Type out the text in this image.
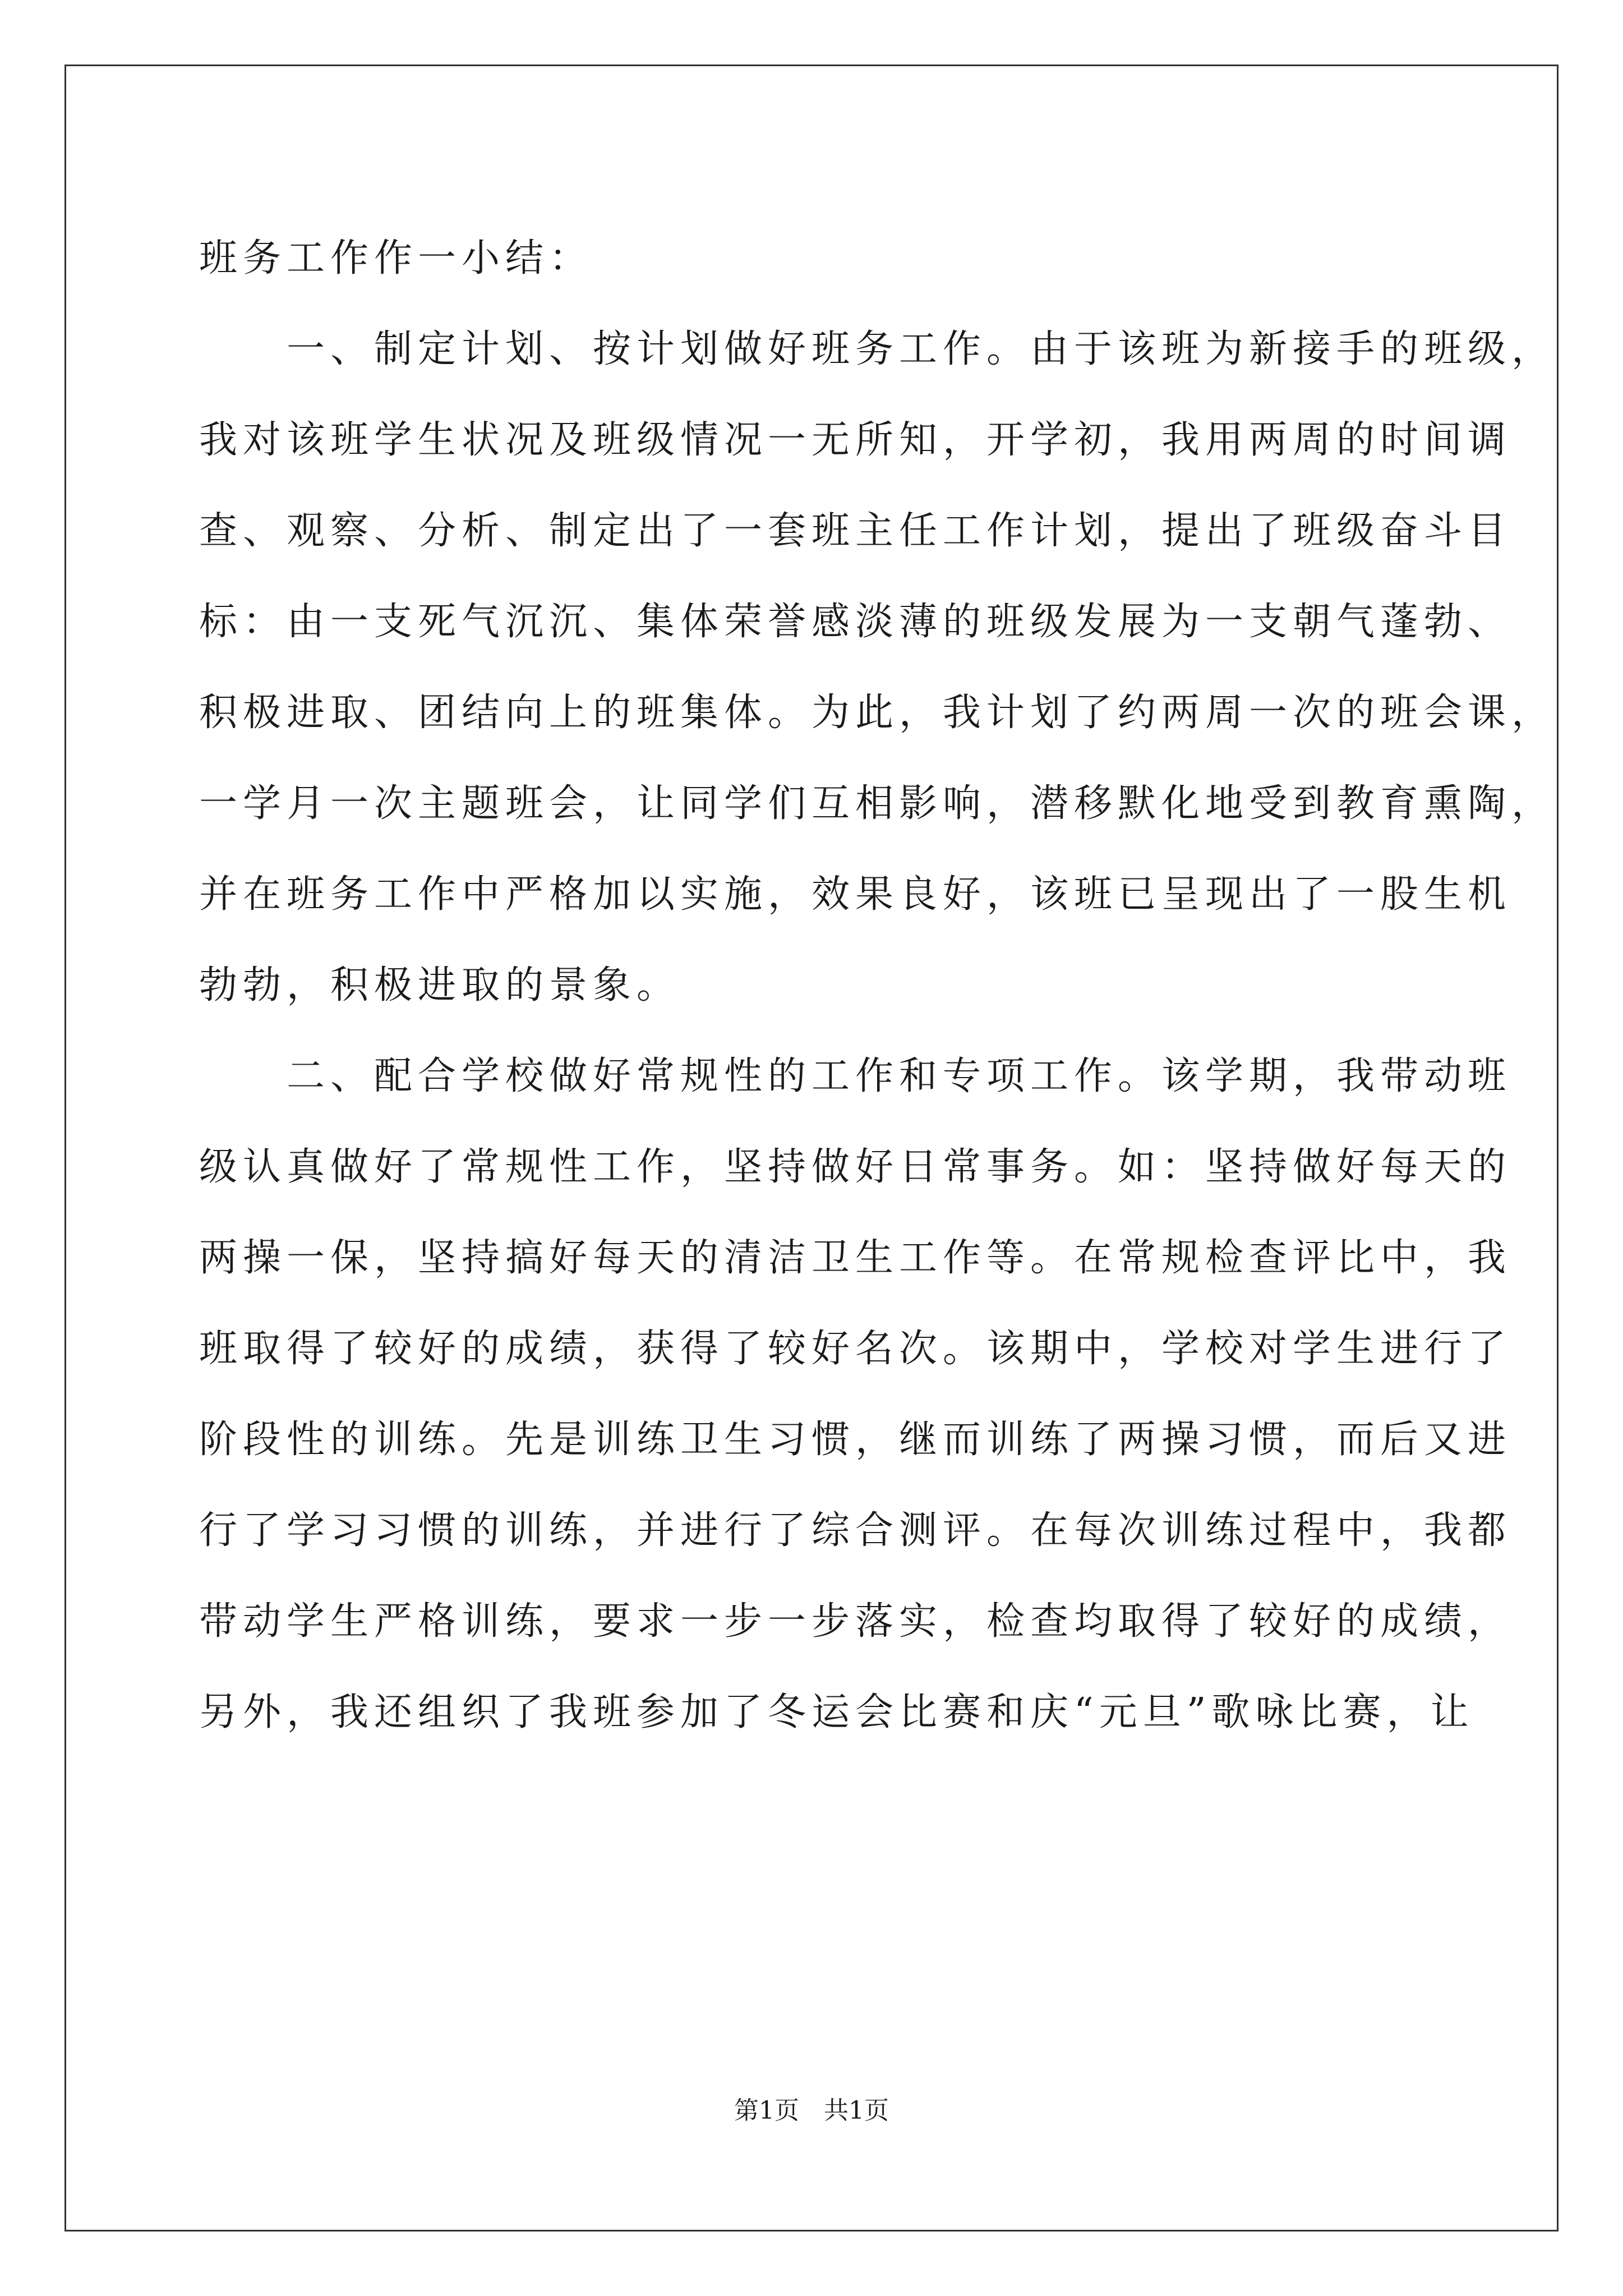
班务工作作一小结：
　　一、制定计划、按计划做好班务工作。由于该班为新接手的班级，
我对该班学生状况及班级情况一无所知，开学初，我用两周的时间调
查、观察、分析、制定出了一套班主任工作计划，提出了班级奋斗目
标：由一支死气沉沉、集体荣誉感淡薄的班级发展为一支朝气蓬勃、
积极进取、团结向上的班集体。为此，我计划了约两周一次的班会课，
一学月一次主题班会，让同学们互相影响，潜移默化地受到教育熏陶，
并在班务工作中严格加以实施，效果良好，该班已呈现出了一股生机
勃勃，积极进取的景象。
　　二、配合学校做好常规性的工作和专项工作。该学期，我带动班
级认真做好了常规性工作，坚持做好日常事务。如：坚持做好每天的
两操一保，坚持搞好每天的清洁卫生工作等。在常规检查评比中，我
班取得了较好的成绩，获得了较好名次。该期中，学校对学生进行了
阶段性的训练。先是训练卫生习惯，继而训练了两操习惯，而后又进
行了学习习惯的训练，并进行了综合测评。在每次训练过程中，我都
带动学生严格训练，要求一步一步落实，检查均取得了较好的成绩，
另外，我还组织了我班参加了冬运会比赛和庆“元旦”歌咏比赛，让
第1页　共1页
